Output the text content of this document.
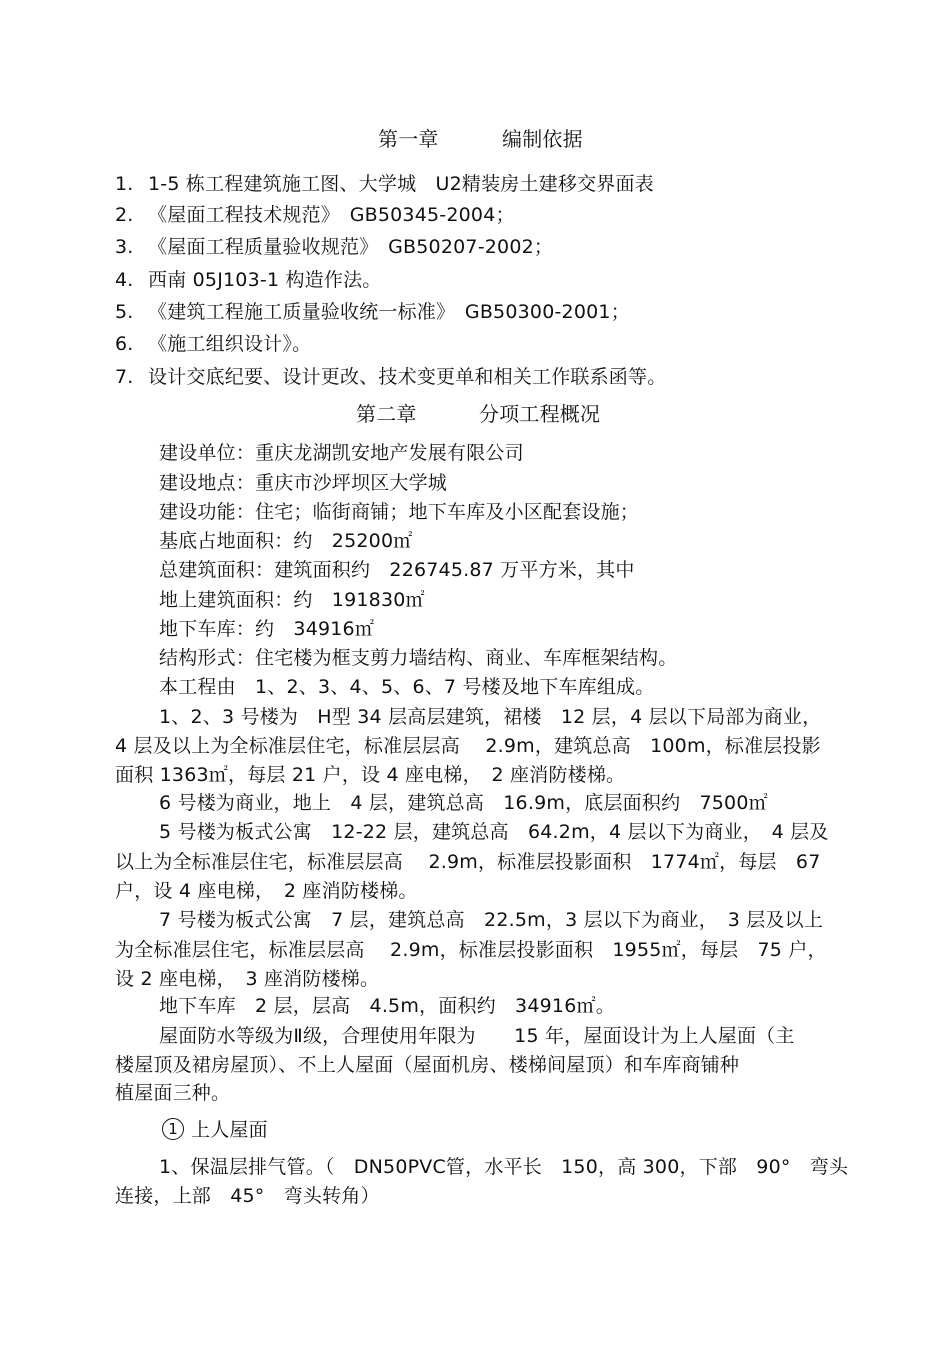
第一章	编制依据
1. 1-5 栋工程建筑施工图、大学城　U2精装房土建移交界面表
2. 《屋面工程技术规范》　GB50345-2004；
3. 《屋面工程质量验收规范》　GB50207-2002；
4. 西南 05J103-1 构造作法。
5. 《建筑工程施工质量验收统一标准》　GB50300-2001；
6. 《施工组织设计》。
7. 设计交底纪要、设计更改、技术变更单和相关工作联系函等。
第二章	分项工程概况
建设单位：重庆龙湖凯安地产发展有限公司
建设地点：重庆市沙坪坝区大学城
建设功能：住宅；临街商铺；地下车库及小区配套设施；
基底占地面积：约　25200㎡
总建筑面积：建筑面积约　226745.87 万平方米，其中
地上建筑面积：约　191830㎡
地下车库：约　34916㎡
结构形式：住宅楼为框支剪力墙结构、商业、车库框架结构。
本工程由　1、2、3、4、5、6、7 号楼及地下车库组成。
1、2、3 号楼为　H型 34 层高层建筑，裙楼　12 层，4 层以下局部为商业，
4 层及以上为全标准层住宅，标准层层高　 2.9m，建筑总高　100m，标准层投影
面积 1363㎡，每层 21 户，设 4 座电梯，　2 座消防楼梯。
6 号楼为商业，地上　4 层，建筑总高　16.9m，底层面积约　7500㎡
5 号楼为板式公寓　12-22 层，建筑总高　64.2m，4 层以下为商业，　4 层及
以上为全标准层住宅，标准层层高　 2.9m，标准层投影面积　1774㎡，每层　67
户，设 4 座电梯，　2 座消防楼梯。
7 号楼为板式公寓　7 层，建筑总高　22.5m，3 层以下为商业，　3 层及以上
为全标准层住宅，标准层层高　 2.9m，标准层投影面积　1955㎡，每层　75 户，
设 2 座电梯，　3 座消防楼梯。
地下车库　2 层，层高　4.5m，面积约　34916㎡。
屋面防水等级为Ⅱ级，合理使用年限为　　15 年，屋面设计为上人屋面（主
楼屋顶及裙房屋顶）、不上人屋面（屋面机房、楼梯间屋顶）和车库商铺种
植屋面三种。
1 上人屋面
1、保温层排气管。（　DN50PVC管，水平长　150，高 300，下部　90°　弯头
连接，上部　45°　弯头转角）
